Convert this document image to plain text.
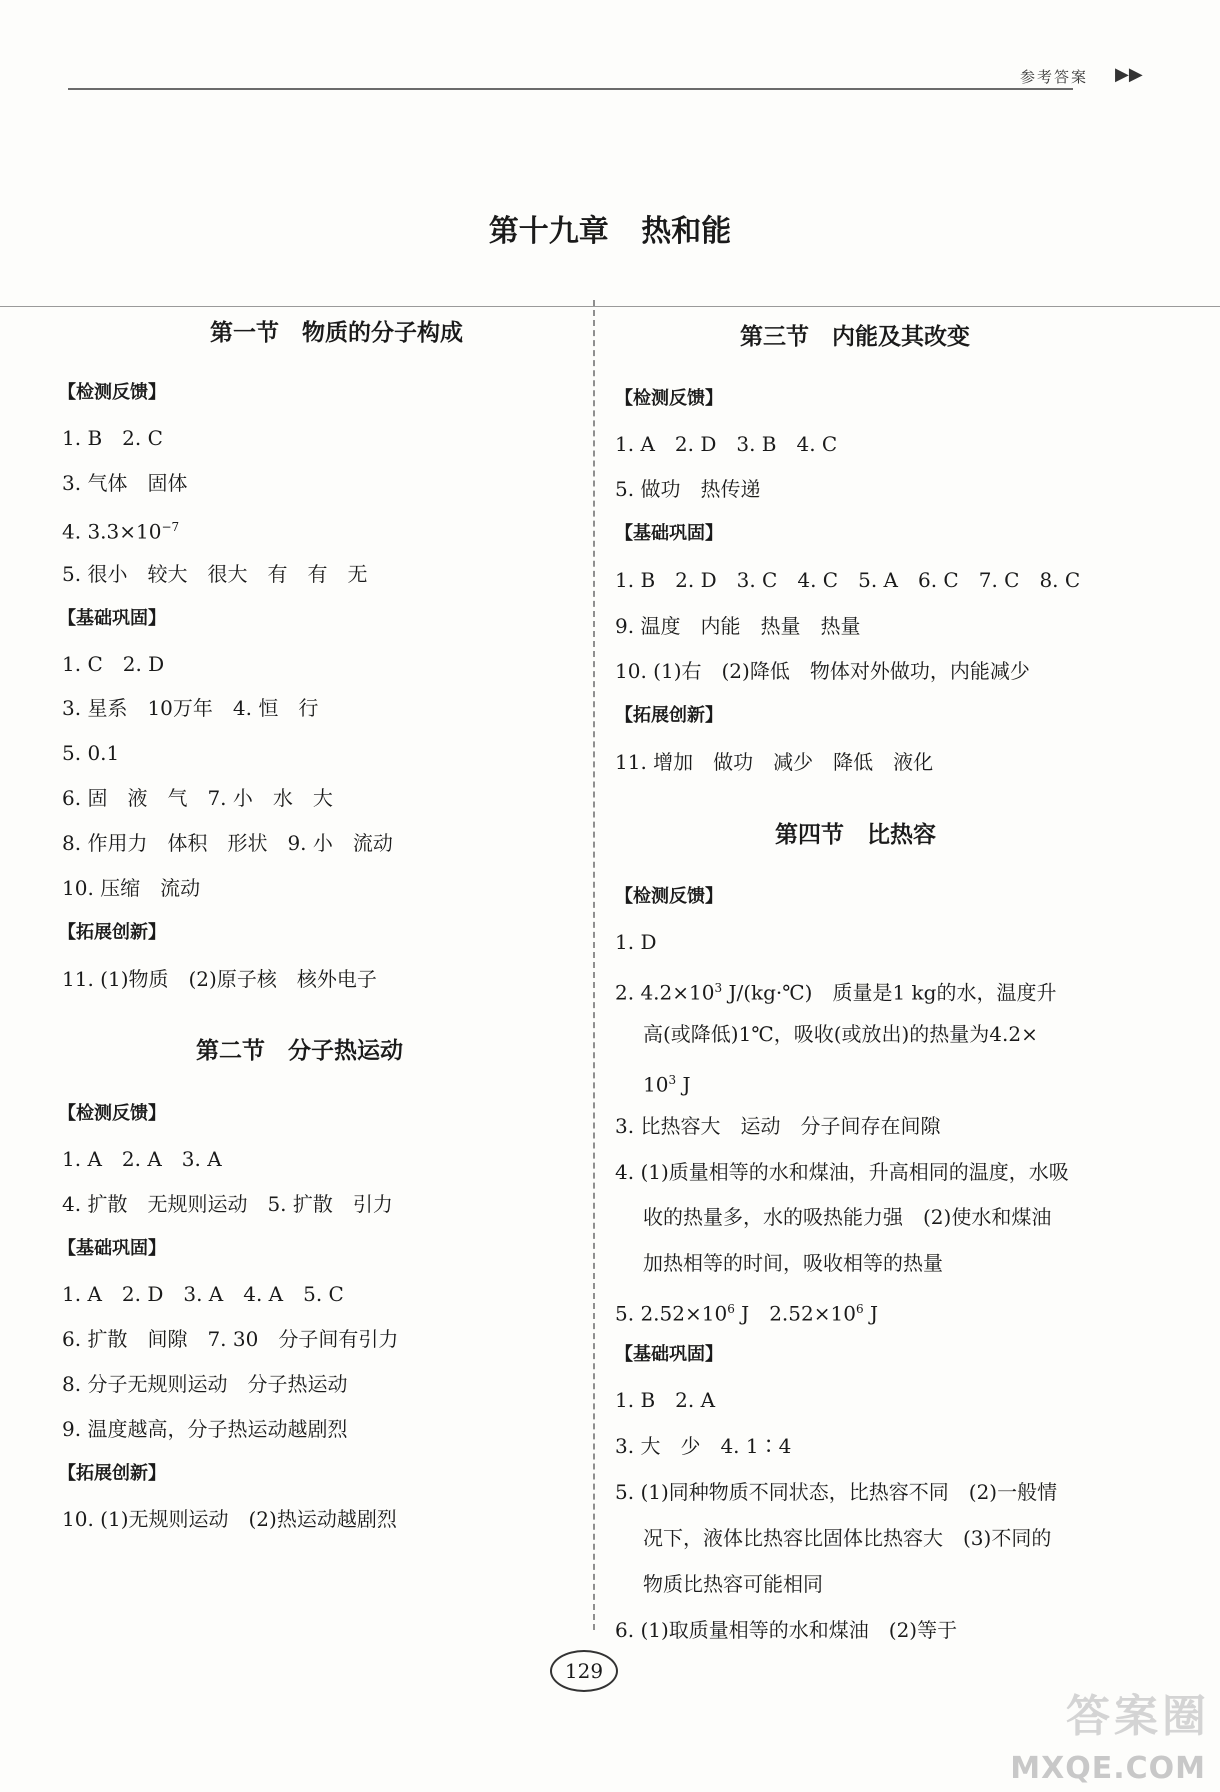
参考答案 ▶▶
第十九章 热和能
第一节　物质的分子构成
【检测反馈】
1. B　2. C
3. 气体　固体
4. $3.3\times 10^{-7}$
5. 很小　较大　很大　有　有　无
【基础巩固】
1. C　2. D
3. 星系　10万年　4. 恒　行
5. 0.1
6. 固　液　气　7. 小　水　大
8. 作用力　体积　形状　9. 小　流动
10. 压缩　流动
【拓展创新】
11. (1)物质　(2)原子核　核外电子
第二节　分子热运动
【检测反馈】
1. A　2. A　3. A
4. 扩散　无规则运动　5. 扩散　引力
【基础巩固】
1. A　2. D　3. A　4. A　5. C
6. 扩散　间隙　7. 30　分子间有引力
8. 分子无规则运动　分子热运动
9. 温度越高，分子热运动越剧烈
【拓展创新】
10. (1)无规则运动　(2)热运动越剧烈
第三节　内能及其改变
【检测反馈】
1. A　2. D　3. B　4. C
5. 做功　热传递
【基础巩固】
1. B　2. D　3. C　4. C　5. A　6. C　7. C　8. C
9. 温度　内能　热量　热量
10. (1)右　(2)降低　物体对外做功，内能减少
【拓展创新】
11. 增加　做功　减少　降低　液化
第四节　比热容
【检测反馈】
1. D
2. $4.2\times 10^3$ J/(kg·℃)　质量是1 kg的水，温度升
高(或降低)1℃，吸收(或放出)的热量为4.2×
$10^3$ J
3. 比热容大　运动　分子间存在间隙
4. (1)质量相等的水和煤油，升高相同的温度，水吸
收的热量多，水的吸热能力强　(2)使水和煤油
加热相等的时间，吸收相等的热量
5. $2.52\times 10^6$ J　$2.52\times 10^6$ J
【基础巩固】
1. B　2. A
3. 大　少　4. 1∶4
5. (1)同种物质不同状态，比热容不同　(2)一般情
况下，液体比热容比固体比热容大　(3)不同的
物质比热容可能相同
6. (1)取质量相等的水和煤油　(2)等于
129
答案圈
MXQE.COM
